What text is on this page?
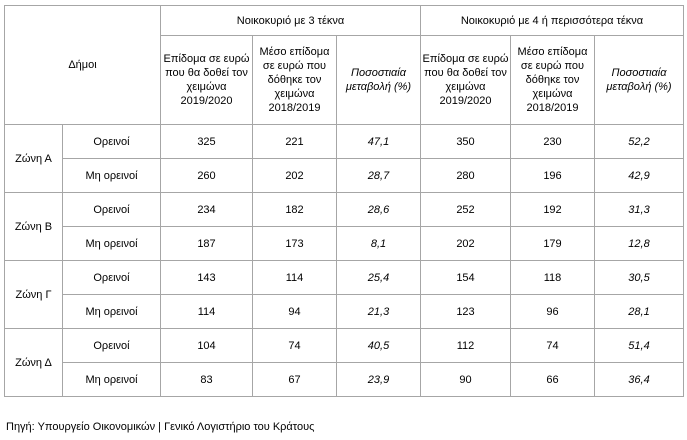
Δήμοι		Νοικοκυριό με 3 τέκνα			Νοικοκυριό με 4 ή περισσότερα τέκνα		
		Επίδομα σε ευρώ που θα δοθεί τον χειμώνα 2019/2020	Μέσο επίδομα σε ευρώ που δόθηκε τον χειμώνα 2018/2019	Ποσοστιαία μεταβολή (%)	Επίδομα σε ευρώ που θα δοθεί τον χειμώνα 2019/2020	Μέσο επίδομα σε ευρώ που δόθηκε τον χειμώνα 2018/2019	Ποσοστιαία μεταβολή (%)
Ζώνη Α	Ορεινοί	325	221	47,1	350	230	52,2
	Μη ορεινοί	260	202	28,7	280	196	42,9
Ζώνη Β	Ορεινοί	234	182	28,6	252	192	31,3
	Μη ορεινοί	187	173	8,1	202	179	12,8
Ζώνη Γ	Ορεινοί	143	114	25,4	154	118	30,5
	Μη ορεινοί	114	94	21,3	123	96	28,1
Ζώνη Δ	Ορεινοί	104	74	40,5	112	74	51,4
	Μη ορεινοί	83	67	23,9	90	66	36,4
Πηγή: Υπουργείο Οικονομικών | Γενικό Λογιστήριο του Κράτους
